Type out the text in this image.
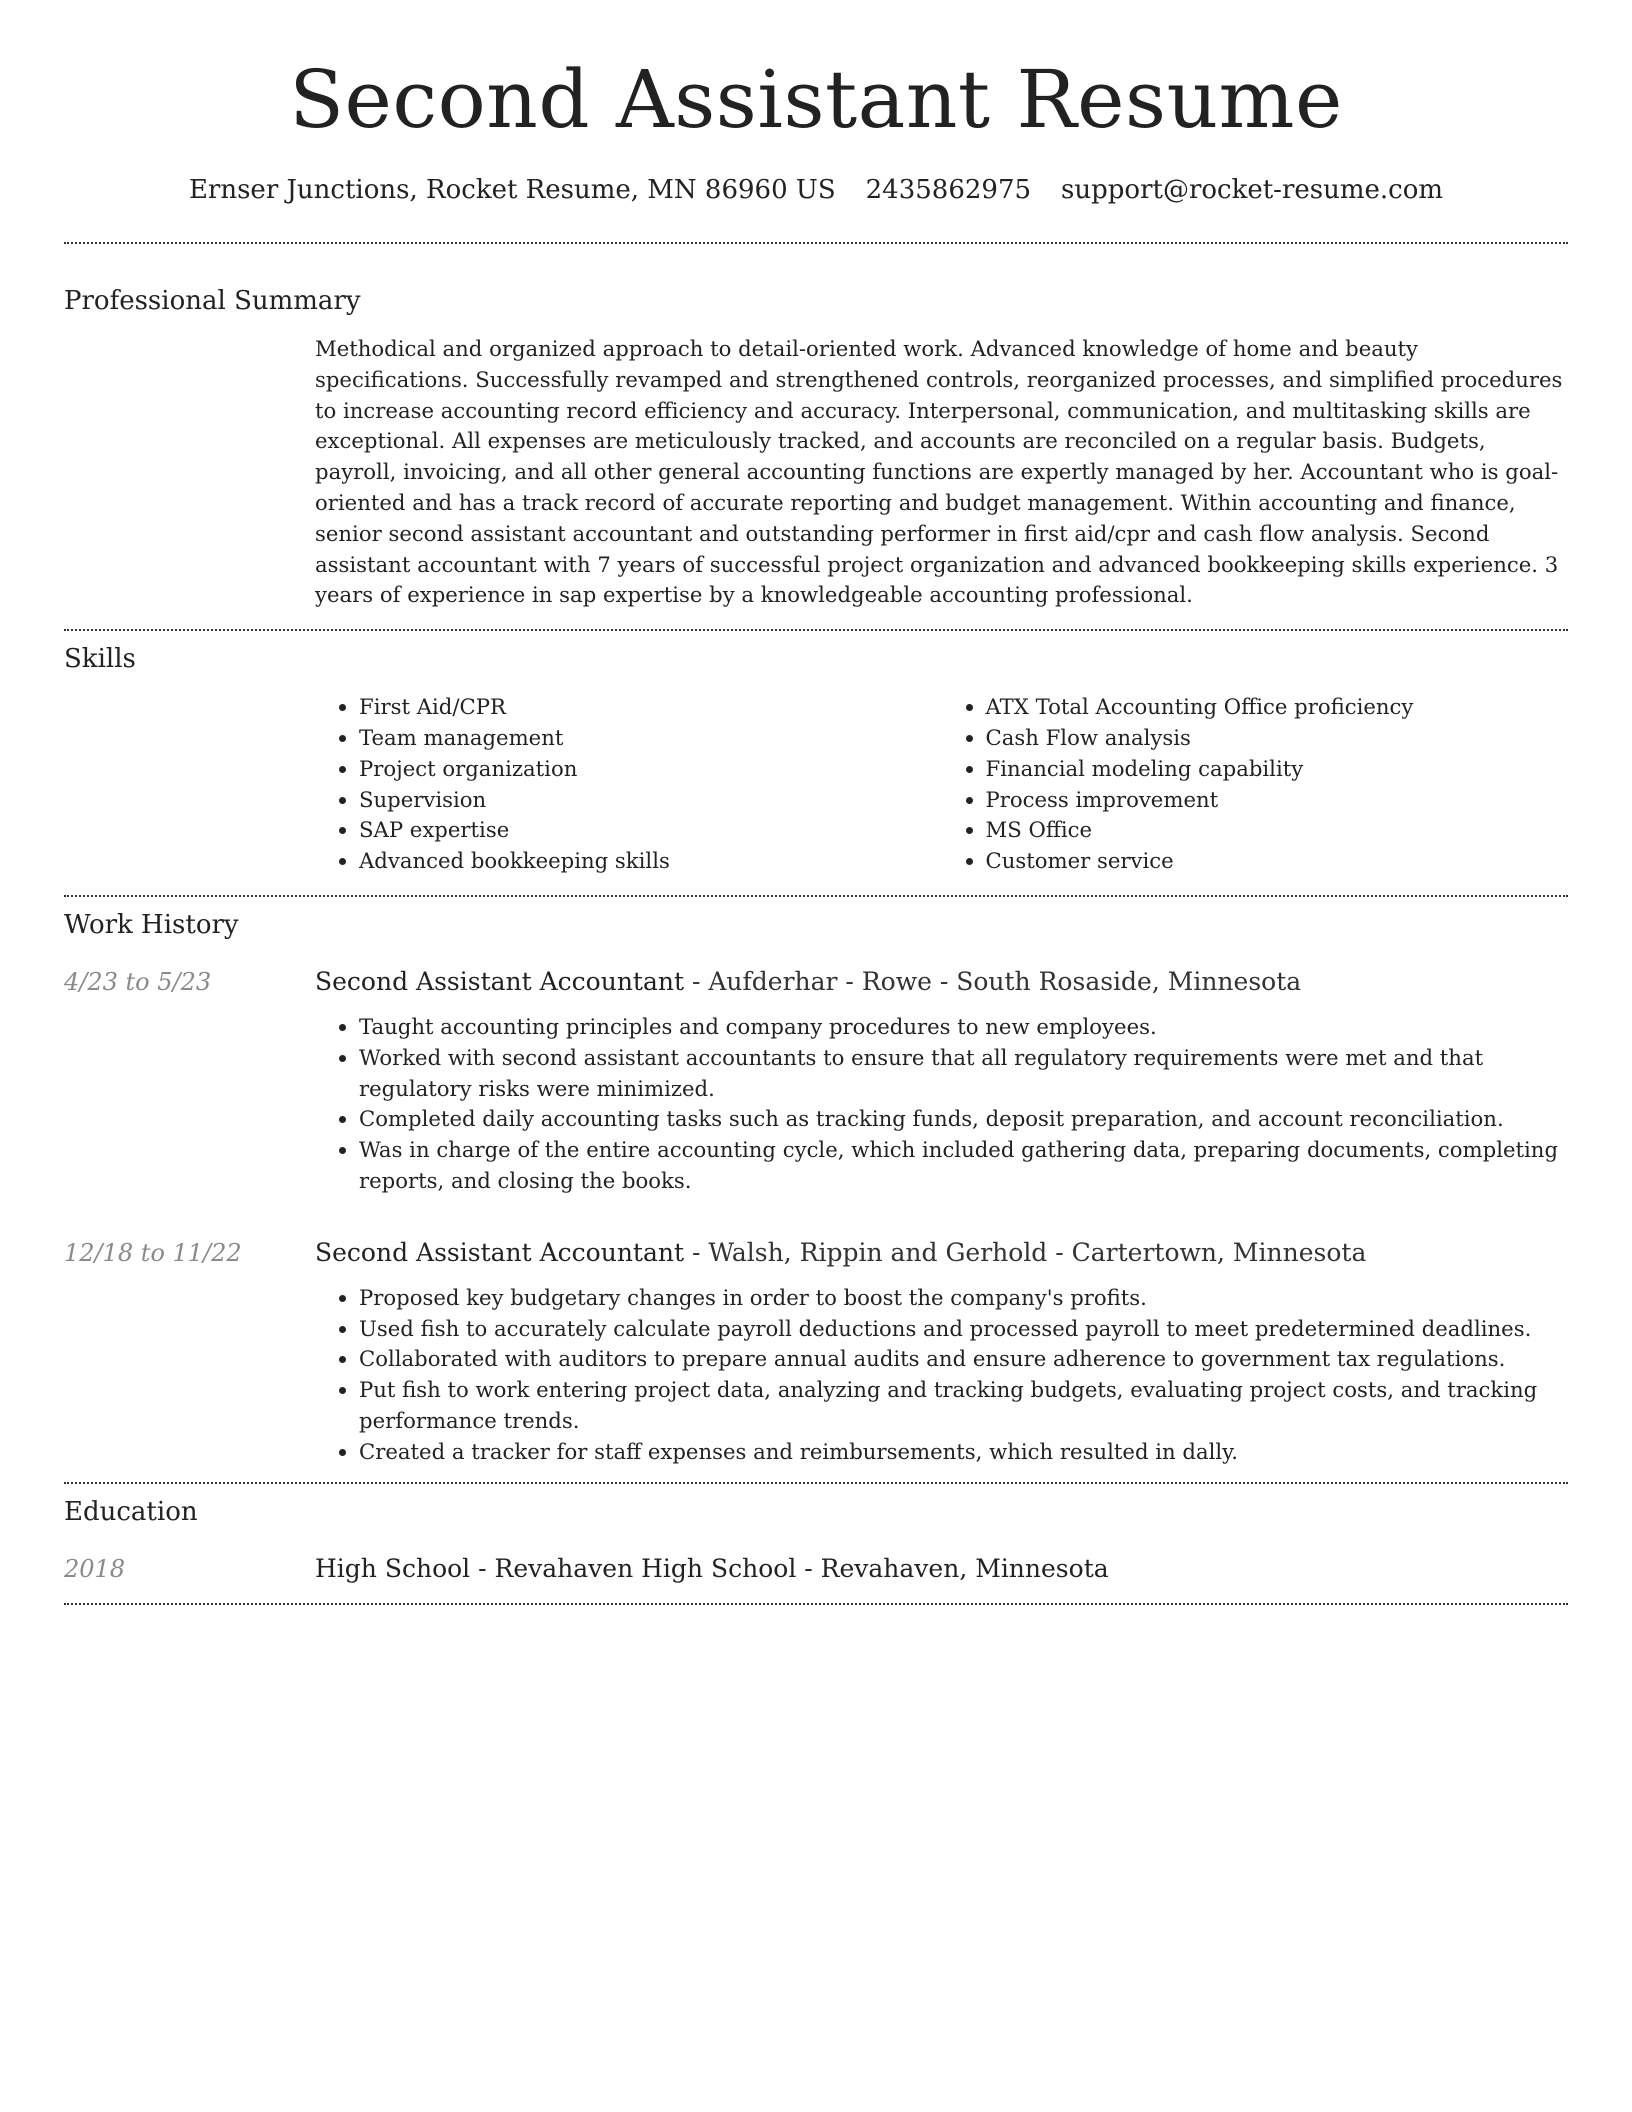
Second Assistant Resume
Ernser Junctions, Rocket Resume, MN 86960 US 2435862975 support@rocket-resume.com
Professional Summary
Methodical and organized approach to detail-oriented work. Advanced knowledge of home and beauty specifications. Successfully revamped and strengthened controls, reorganized processes, and simplified procedures to increase accounting record efficiency and accuracy. Interpersonal, communication, and multitasking skills are exceptional. All expenses are meticulously tracked, and accounts are reconciled on a regular basis. Budgets, payroll, invoicing, and all other general accounting functions are expertly managed by her. Accountant who is goal-oriented and has a track record of accurate reporting and budget management. Within accounting and finance, senior second assistant accountant and outstanding performer in first aid/cpr and cash flow analysis. Second assistant accountant with 7 years of successful project organization and advanced bookkeeping skills experience. 3 years of experience in sap expertise by a knowledgeable accounting professional.
Skills
• First Aid/CPR
• Team management
• Project organization
• Supervision
• SAP expertise
• Advanced bookkeeping skills
• ATX Total Accounting Office proficiency
• Cash Flow analysis
• Financial modeling capability
• Process improvement
• MS Office
• Customer service
Work History
4/23 to 5/23	Second Assistant Accountant - Aufderhar - Rowe - South Rosaside, Minnesota
• Taught accounting principles and company procedures to new employees.
• Worked with second assistant accountants to ensure that all regulatory requirements were met and that regulatory risks were minimized.
• Completed daily accounting tasks such as tracking funds, deposit preparation, and account reconciliation.
• Was in charge of the entire accounting cycle, which included gathering data, preparing documents, completing reports, and closing the books.
12/18 to 11/22	Second Assistant Accountant - Walsh, Rippin and Gerhold - Cartertown, Minnesota
• Proposed key budgetary changes in order to boost the company's profits.
• Used fish to accurately calculate payroll deductions and processed payroll to meet predetermined deadlines.
• Collaborated with auditors to prepare annual audits and ensure adherence to government tax regulations.
• Put fish to work entering project data, analyzing and tracking budgets, evaluating project costs, and tracking performance trends.
• Created a tracker for staff expenses and reimbursements, which resulted in dally.
Education
2018	High School - Revahaven High School - Revahaven, Minnesota
